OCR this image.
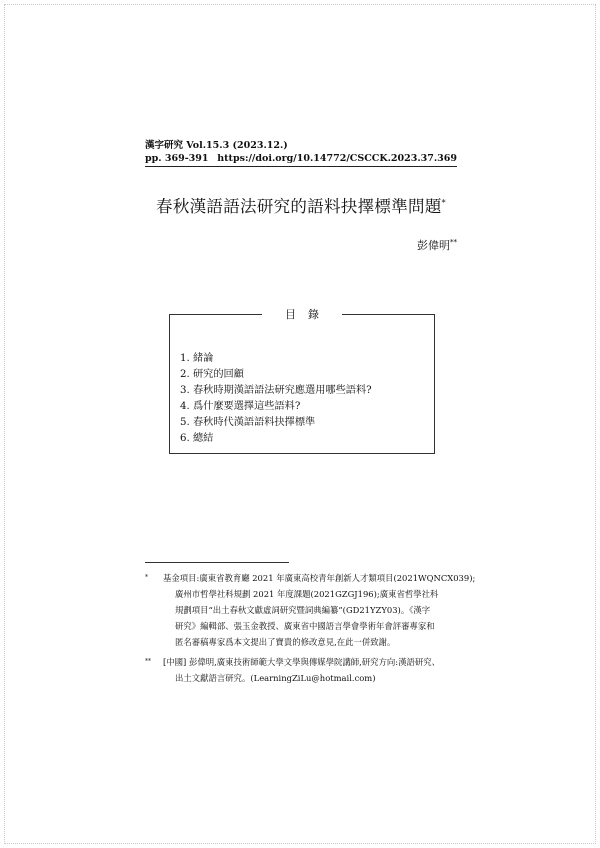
漢字研究 Vol.15.3 (2023.12.)
pp. 369-391 https://doi.org/10.14772/CSCCK.2023.37.369
春秋漢語語法研究的語料抉擇標準問題*
彭偉明**
目錄
1. 緒論
2. 研究的回顧
3. 春秋時期漢語語法研究應選用哪些語料?
4. 爲什麼要選擇這些語料?
5. 春秋時代漢語語料抉擇標準
6. 總結
*	基金項目:廣東省教育廳 2021 年廣東高校青年創新人才類項目(2021WQNCX039);
廣州市哲學社科規劃 2021 年度課題(2021GZGJ196);廣東省哲學社科
規劃項目“出土春秋文獻虛詞研究暨詞典編纂”(GD21YZY03)。《漢字
研究》編輯部、張玉金教授、廣東省中國語言學會學術年會評審專家和
匿名審稿專家爲本文提出了寶貴的修改意見,在此一併致謝。
**	[中國] 彭偉明,廣東技術師範大學文學與傳媒學院講師,研究方向:漢語研究、
出土文獻語言研究。(LearningZiLu@hotmail.com)
